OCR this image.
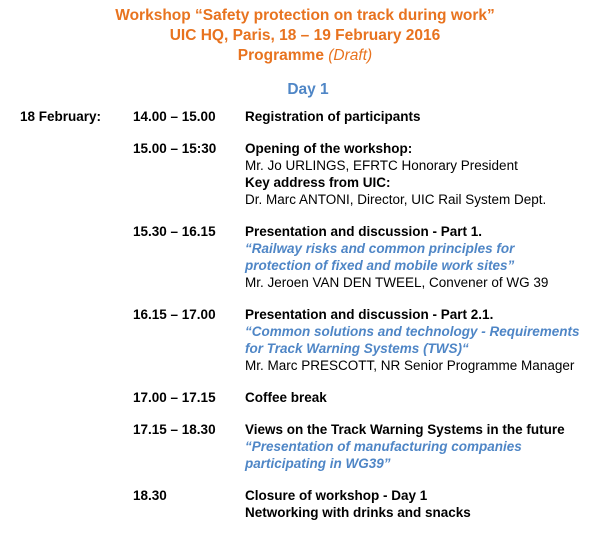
Workshop “Safety protection on track during work”
UIC HQ, Paris, 18 – 19 February 2016
Programme (Draft)
Day 1
18 February: 14.00 – 15.00 Registration of participants
15.00 – 15:30 Opening of the workshop:
Mr. Jo URLINGS, EFRTC Honorary President
Key address from UIC:
Dr. Marc ANTONI, Director, UIC Rail System Dept.
15.30 – 16.15 Presentation and discussion - Part 1.
“Railway risks and common principles for
protection of fixed and mobile work sites”
Mr. Jeroen VAN DEN TWEEL, Convener of WG 39
16.15 – 17.00 Presentation and discussion - Part 2.1.
“Common solutions and technology - Requirements
for Track Warning Systems (TWS)“
Mr. Marc PRESCOTT, NR Senior Programme Manager
17.00 – 17.15 Coffee break
17.15 – 18.30 Views on the Track Warning Systems in the future
“Presentation of manufacturing companies
participating in WG39”
18.30	Closure of workshop - Day 1
Networking with drinks and snacks
